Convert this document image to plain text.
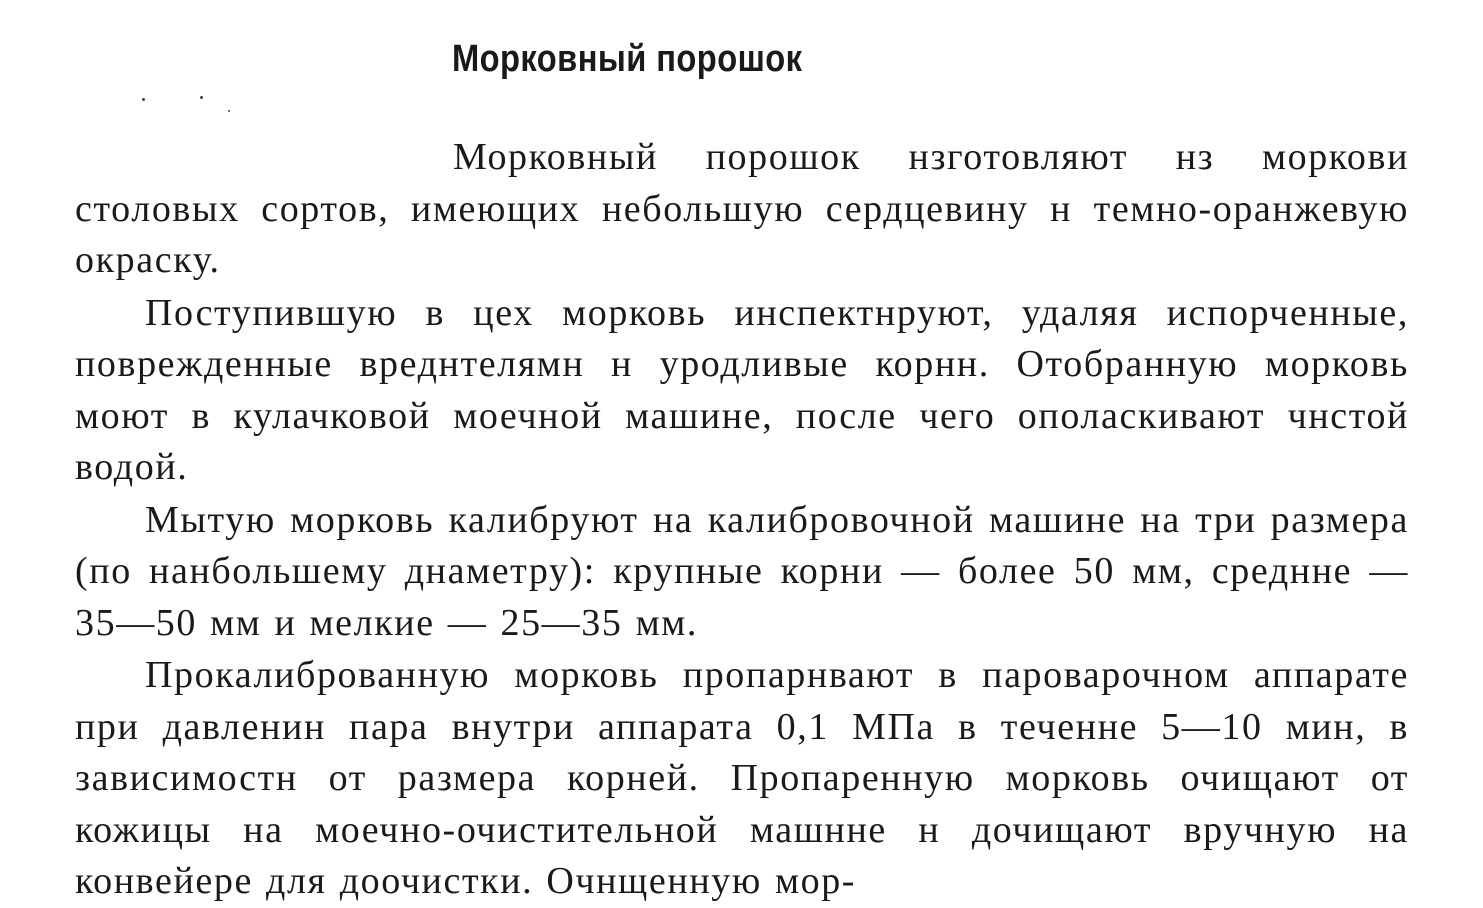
Морковный порошок

Морковный порошок нзготовляют нз моркови столовых сортов, имеющих небольшую сердцевину н темно-оранжевую окраску.

Поступившую в цех морковь инспектнруют, удаляя испорченные, поврежденные вреднтелямн н уродливые корнн. Отобранную морковь моют в кулачковой моечной машине, после чего ополаскивают чнстой водой.

Мытую морковь калибруют на калибровочной машине на три размера (по нанбольшему днаметру): крупные корни — более 50 мм, среднне — 35—50 мм и мелкие — 25—35 мм.

Прокалиброванную морковь пропарнвают в пароварочном аппарате при давленин пара внутри аппарата 0,1 МПа в теченне 5—10 мин, в зависимостн от размера корней. Пропаренную морковь очищают от кожицы на моечно-очистительной машнне н дочищают вручную на конвейере для доочистки. Очнщенную мор-
